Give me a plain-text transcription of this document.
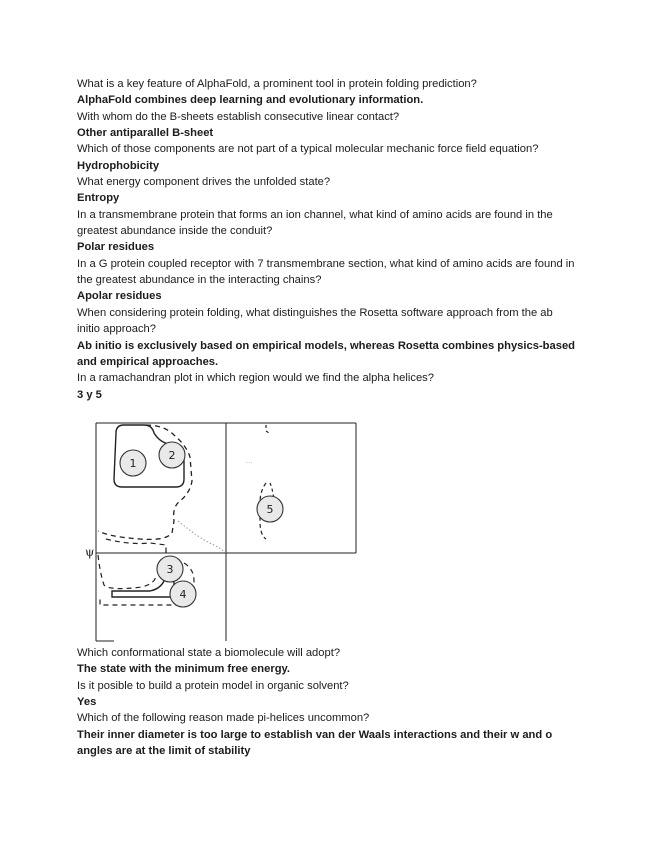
What is a key feature of AlphaFold, a prominent tool in protein folding prediction?

AlphaFold combines deep learning and evolutionary information.

With whom do the B-sheets establish consecutive linear contact?

Other antiparallel B-sheet

Which of those components are not part of a typical molecular mechanic force field equation?

Hydrophobicity

What energy component drives the unfolded state?

Entropy

In a transmembrane protein that forms an ion channel, what kind of amino acids are found in the greatest abundance inside the conduit?

Polar residues

In a G protein coupled receptor with 7 transmembrane section, what kind of amino acids are found in the greatest abundance in the interacting chains?

Apolar residues

When considering protein folding, what distinguishes the Rosetta software approach from the ab initio approach?

Ab initio is exclusively based on empirical models, whereas Rosetta combines physics-based and empirical approaches.

In a ramachandran plot in which region would we find the alpha helices?

3 y 5

ψ
...
1
2
3
4
5

Which conformational state a biomolecule will adopt?

The state with the minimum free energy.

Is it posible to build a protein model in organic solvent?

Yes

Which of the following reason made pi-helices uncommon?

Their inner diameter is too large to establish van der Waals interactions and their w and o angles are at the limit of stability
